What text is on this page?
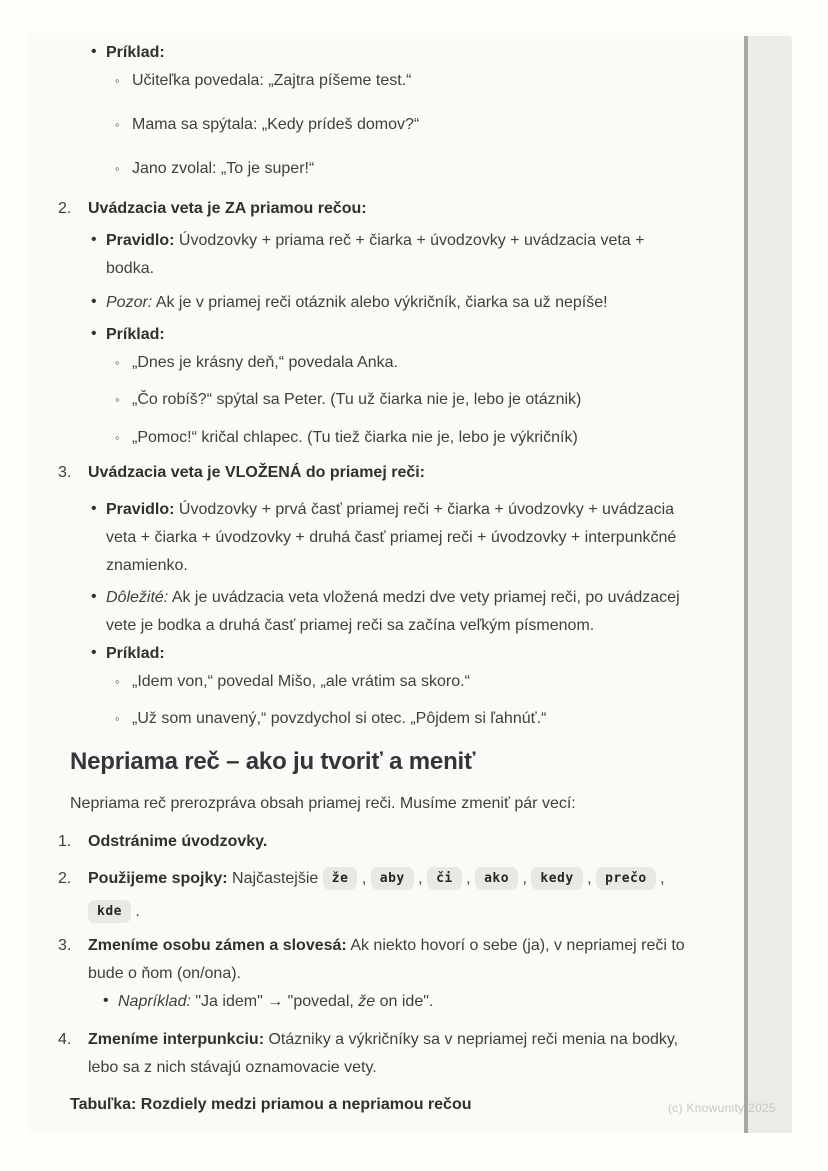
• Príklad:
◦ Učiteľka povedala: „Zajtra píšeme test.“
◦ Mama sa spýtala: „Kedy prídeš domov?“
◦ Jano zvolal: „To je super!“
2. Uvádzacia veta je ZA priamou rečou:
• Pravidlo: Úvodzovky + priama reč + čiarka + úvodzovky + uvádzacia veta + bodka.
• Pozor: Ak je v priamej reči otáznik alebo výkričník, čiarka sa už nepíše!
• Príklad:
◦ „Dnes je krásny deň,“ povedala Anka.
◦ „Čo robíš?“ spýtal sa Peter. (Tu už čiarka nie je, lebo je otáznik)
◦ „Pomoc!“ kričal chlapec. (Tu tiež čiarka nie je, lebo je výkričník)
3. Uvádzacia veta je VLOŽENÁ do priamej reči:
• Pravidlo: Úvodzovky + prvá časť priamej reči + čiarka + úvodzovky + uvádzacia veta + čiarka + úvodzovky + druhá časť priamej reči + úvodzovky + interpunkčné znamienko.
• Dôležité: Ak je uvádzacia veta vložená medzi dve vety priamej reči, po uvádzacej vete je bodka a druhá časť priamej reči sa začína veľkým písmenom.
• Príklad:
◦ „Idem von,“ povedal Mišo, „ale vrátim sa skoro.“
◦ „Už som unavený,“ povzdychol si otec. „Pôjdem si ľahnúť.“
Nepriama reč – ako ju tvoriť a meniť
Nepriama reč prerozpráva obsah priamej reči. Musíme zmeniť pár vecí:
1. Odstránime úvodzovky.
2. Použijeme spojky: Najčastejšie že , aby , či , ako , kedy , prečo , kde .
3. Zmeníme osobu zámen a slovesá: Ak niekto hovorí o sebe (ja), v nepriamej reči to bude o ňom (on/ona).
• Napríklad: "Ja idem" → "povedal, že on ide".
4. Zmeníme interpunkciu: Otázniky a výkričníky sa v nepriamej reči menia na bodky, lebo sa z nich stávajú oznamovacie vety.
Tabuľka: Rozdiely medzi priamou a nepriamou rečou	(c) Knowunity 2025
